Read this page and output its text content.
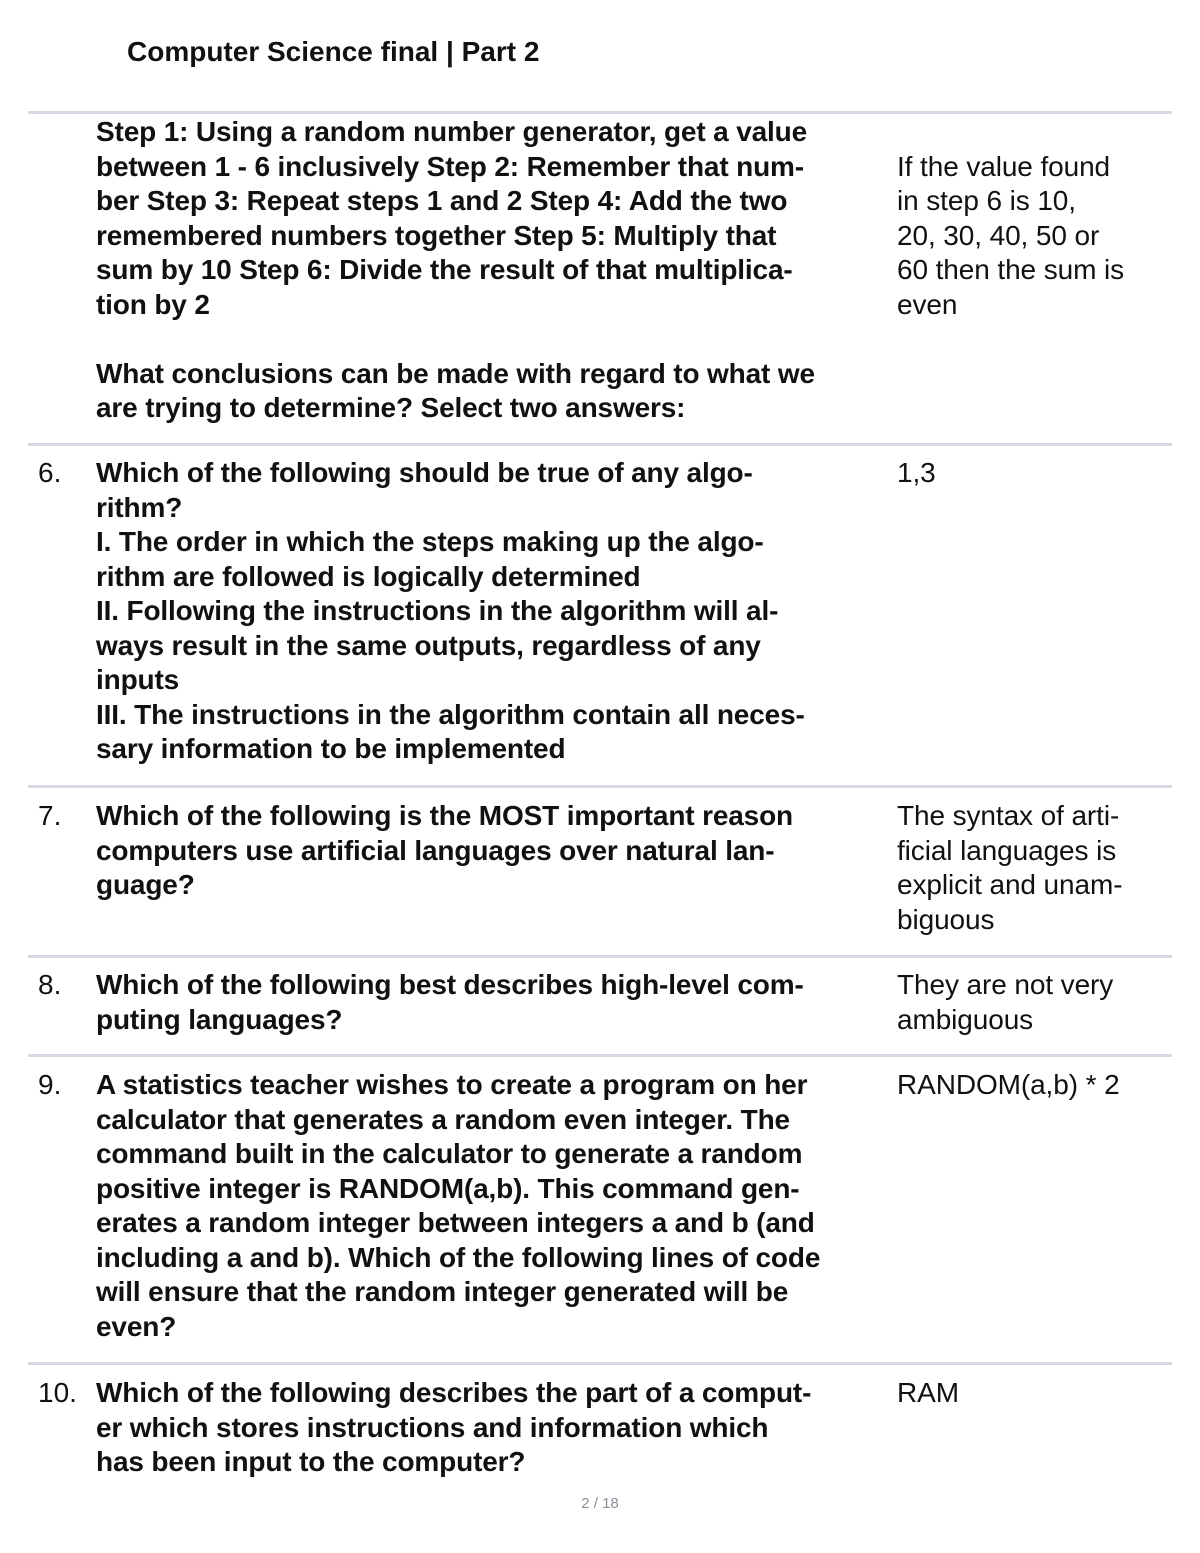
Computer Science final | Part 2
Step 1: Using a random number generator, get a value
between 1 - 6 inclusively Step 2: Remember that num-
ber Step 3: Repeat steps 1 and 2 Step 4: Add the two
remembered numbers together Step 5: Multiply that
sum by 10 Step 6: Divide the result of that multiplica-
tion by 2
What conclusions can be made with regard to what we
are trying to determine? Select two answers:
If the value found
in step 6 is 10,
20, 30, 40, 50 or
60 then the sum is
even
6. Which of the following should be true of any algo-
rithm?
I. The order in which the steps making up the algo-
rithm are followed is logically determined
II. Following the instructions in the algorithm will al-
ways result in the same outputs, regardless of any
inputs
III. The instructions in the algorithm contain all neces-
sary information to be implemented
1,3
7. Which of the following is the MOST important reason
computers use artificial languages over natural lan-
guage?
The syntax of arti-
ficial languages is
explicit and unam-
biguous
8. Which of the following best describes high-level com-
puting languages?
They are not very
ambiguous
9. A statistics teacher wishes to create a program on her
calculator that generates a random even integer. The
command built in the calculator to generate a random
positive integer is RANDOM(a,b). This command gen-
erates a random integer between integers a and b (and
including a and b). Which of the following lines of code
will ensure that the random integer generated will be
even?
RANDOM(a,b) * 2
10. Which of the following describes the part of a comput-
er which stores instructions and information which
has been input to the computer?
RAM
2 / 18
